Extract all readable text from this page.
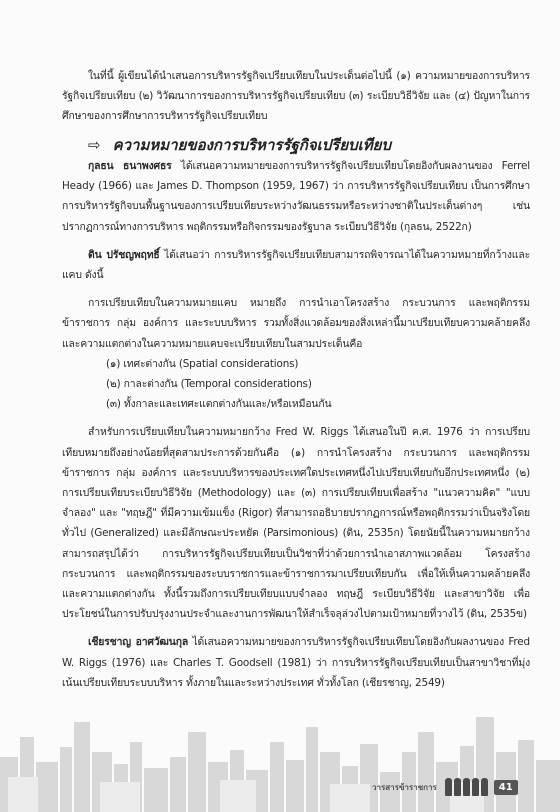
ในที่นี้ ผู้เขียนได้นำเสนอการบริหารรัฐกิจเปรียบเทียบในประเด็นต่อไปนี้ (๑) ความหมายของการบริหารรัฐกิจเปรียบเทียบ (๒) วิวัฒนาการของการบริหารรัฐกิจเปรียบเทียบ (๓) ระเบียบวิธีวิจัย และ (๔) ปัญหาในการศึกษาของการศึกษาการบริหารรัฐกิจเปรียบเทียบ

⇨ ความหมายของการบริหารรัฐกิจเปรียบเทียบ

กุลธน ธนาพงศธร ได้เสนอความหมายของการบริหารรัฐกิจเปรียบเทียบโดยอิงกับผลงานของ Ferrel Heady (1966) และ James D. Thompson (1959, 1967) ว่า การบริหารรัฐกิจเปรียบเทียบ เป็นการศึกษาการบริหารรัฐกิจบนพื้นฐานของการเปรียบเทียบระหว่างวัฒนธรรมหรือระหว่างชาติในประเด็นต่างๆ เช่น ปรากฏการณ์ทางการบริหาร พฤติกรรมหรือกิจกรรมของรัฐบาล ระเบียบวิธีวิจัย (กุลธน, 2522ก)

ดิน ปรัชญพฤทธิ์ ได้เสนอว่า การบริหารรัฐกิจเปรียบเทียบสามารถพิจารณาได้ในความหมายที่กว้างและแคบ ดังนี้

การเปรียบเทียบในความหมายแคบ หมายถึง การนำเอาโครงสร้าง กระบวนการ และพฤติกรรมข้าราชการ กลุ่ม องค์การ และระบบบริหาร รวมทั้งสิ่งแวดล้อมของสิ่งเหล่านี้มาเปรียบเทียบความคล้ายคลึงและความแตกต่างในความหมายแคบจะเปรียบเทียบในสามประเด็นคือ

(๑) เทศะต่างกัน (Spatial considerations)
(๒) กาละต่างกัน (Temporal considerations)
(๓) ทั้งกาละและเทศะแตกต่างกันและ/หรือเหมือนกัน

สำหรับการเปรียบเทียบในความหมายกว้าง Fred W. Riggs ได้เสนอในปี ค.ศ. 1976 ว่า การเปรียบเทียบหมายถึงอย่างน้อยที่สุดสามประการด้วยกันคือ (๑) การนำโครงสร้าง กระบวนการ และพฤติกรรมข้าราชการ กลุ่ม องค์การ และระบบบริหารของประเทศใดประเทศหนึ่งไปเปรียบเทียบกับอีกประเทศหนึ่ง (๒) การเปรียบเทียบระเบียบวิธีวิจัย (Methodology) และ (๓) การเปรียบเทียบเพื่อสร้าง "แนวความคิด" "แบบจำลอง" และ "ทฤษฎี" ที่มีความเข้มแข็ง (Rigor) ที่สามารถอธิบายปรากฏการณ์หรือพฤติกรรมว่าเป็นจริงโดยทั่วไป (Generalized) และมีลักษณะประหยัด (Parsimonious) (ดิน, 2535ก) โดยนัยนี้ในความหมายกว้างสามารถสรุปได้ว่า การบริหารรัฐกิจเปรียบเทียบเป็นวิชาที่ว่าด้วยการนำเอาสภาพแวดล้อม โครงสร้าง กระบวนการ และพฤติกรรมของระบบราชการและข้าราชการมาเปรียบเทียบกัน เพื่อให้เห็นความคล้ายคลึงและความแตกต่างกัน ทั้งนี้รวมถึงการเปรียบเทียบแบบจำลอง ทฤษฎี ระเบียบวิธีวิจัย และสาขาวิจัย เพื่อประโยชน์ในการปรับปรุงงานประจำและงานการพัฒนาให้สำเร็จลุล่วงไปตามเป้าหมายที่วางไว้ (ดิน, 2535ข)

เชียรชาญ อาศวัฒนกุล ได้เสนอความหมายของการบริหารรัฐกิจเปรียบเทียบโดยอิงกับผลงานของ Fred W. Riggs (1976) และ Charles T. Goodsell (1981) ว่า การบริหารรัฐกิจเปรียบเทียบเป็นสาขาวิชาที่มุ่งเน้นเปรียบเทียบระบบบริหาร ทั้งภายในและระหว่างประเทศ ทั่วทั้งโลก (เชียรชาญ, 2549)

วารสารข้าราชการ	41
